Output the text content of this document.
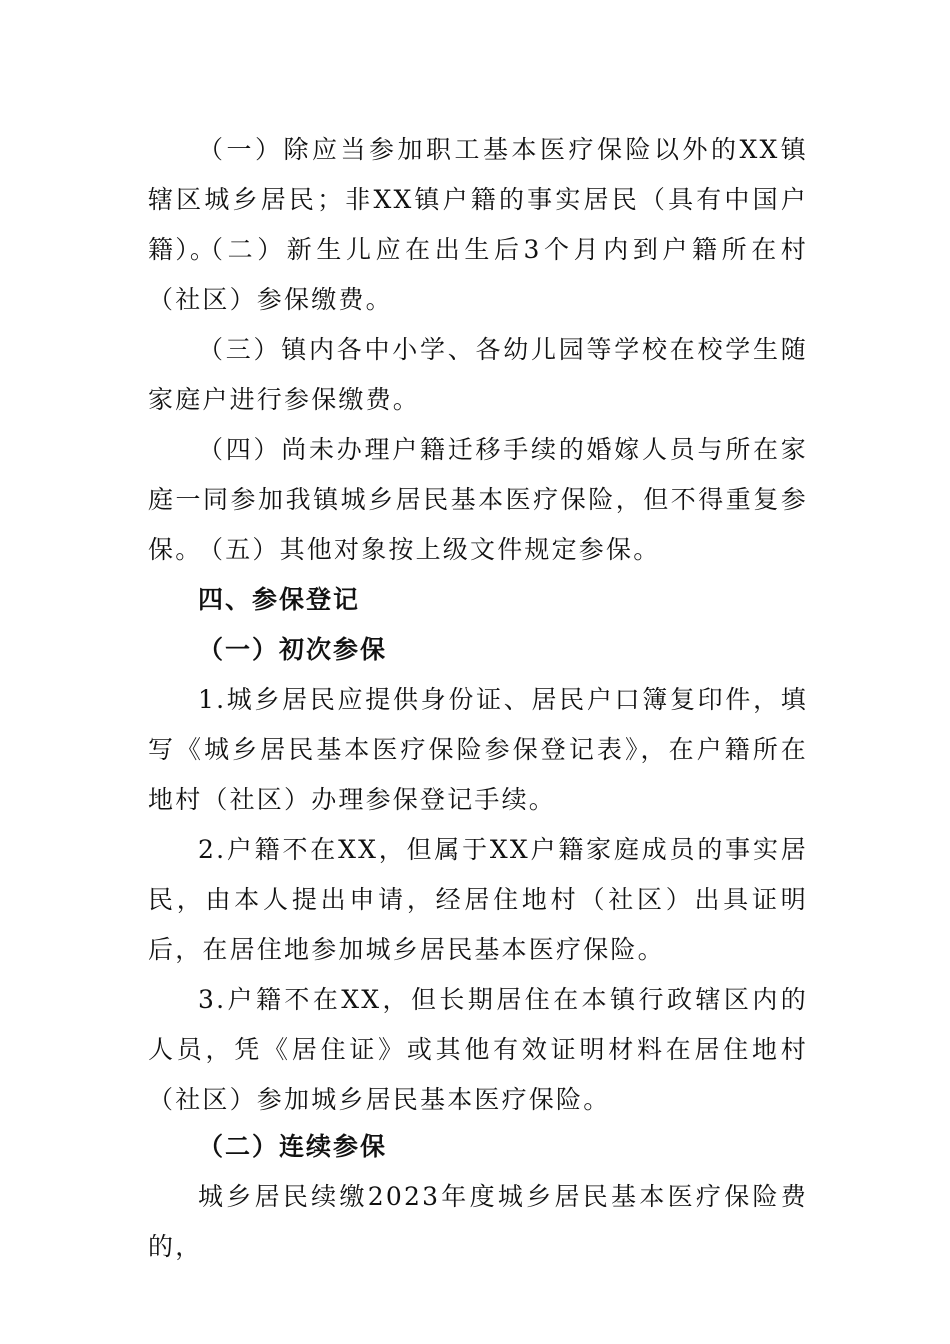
（一）除应当参加职工基本医疗保险以外的XX镇辖区城乡居民；非XX镇户籍的事实居民（具有中国户籍）。

（二）新生儿应在出生后3个月内到户籍所在村（社区）参保缴费。

（三）镇内各中小学、各幼儿园等学校在校学生随家庭户进行参保缴费。

（四）尚未办理户籍迁移手续的婚嫁人员与所在家庭一同参加我镇城乡居民基本医疗保险，但不得重复参保。

（五）其他对象按上级文件规定参保。

四、参保登记
（一）初次参保

1.城乡居民应提供身份证、居民户口簿复印件，填写《城乡居民基本医疗保险参保登记表》，在户籍所在地村（社区）办理参保登记手续。

2.户籍不在XX，但属于XX户籍家庭成员的事实居民，由本人提出申请，经居住地村（社区）出具证明后，在居住地参加城乡居民基本医疗保险。

3.户籍不在XX，但长期居住在本镇行政辖区内的人员，凭《居住证》或其他有效证明材料在居住地村（社区）参加城乡居民基本医疗保险。

（二）连续参保

城乡居民续缴2023年度城乡居民基本医疗保险费的，
